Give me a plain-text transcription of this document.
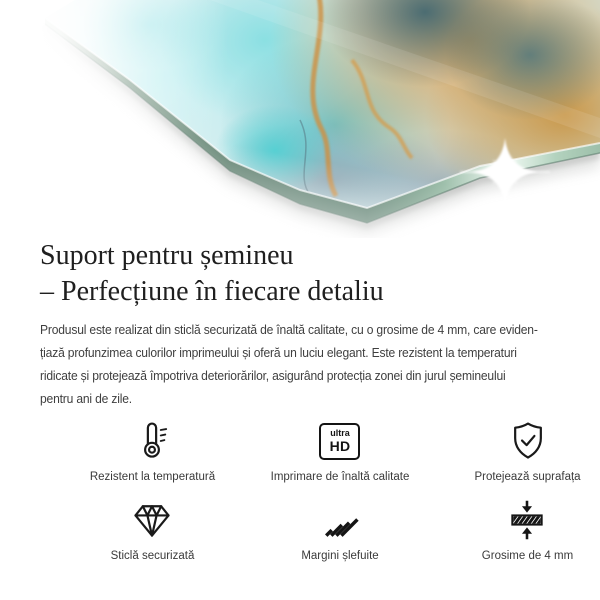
Suport pentru șemineu
– Perfecțiune în fiecare detaliu
Produsul este realizat din sticlă securizată de înaltă calitate, cu o grosime de 4 mm, care eviden-
țiază profunzimea culorilor imprimeului și oferă un luciu elegant. Este rezistent la temperaturi
ridicate și protejează împotriva deteriorărilor, asigurând protecția zonei din jurul șemineului
pentru ani de zile.
Rezistent la temperatură
ultra
HD
Imprimare de înaltă calitate	Protejează suprafața
Sticlă securizată	Margini șlefuite	Grosime de 4 mm
